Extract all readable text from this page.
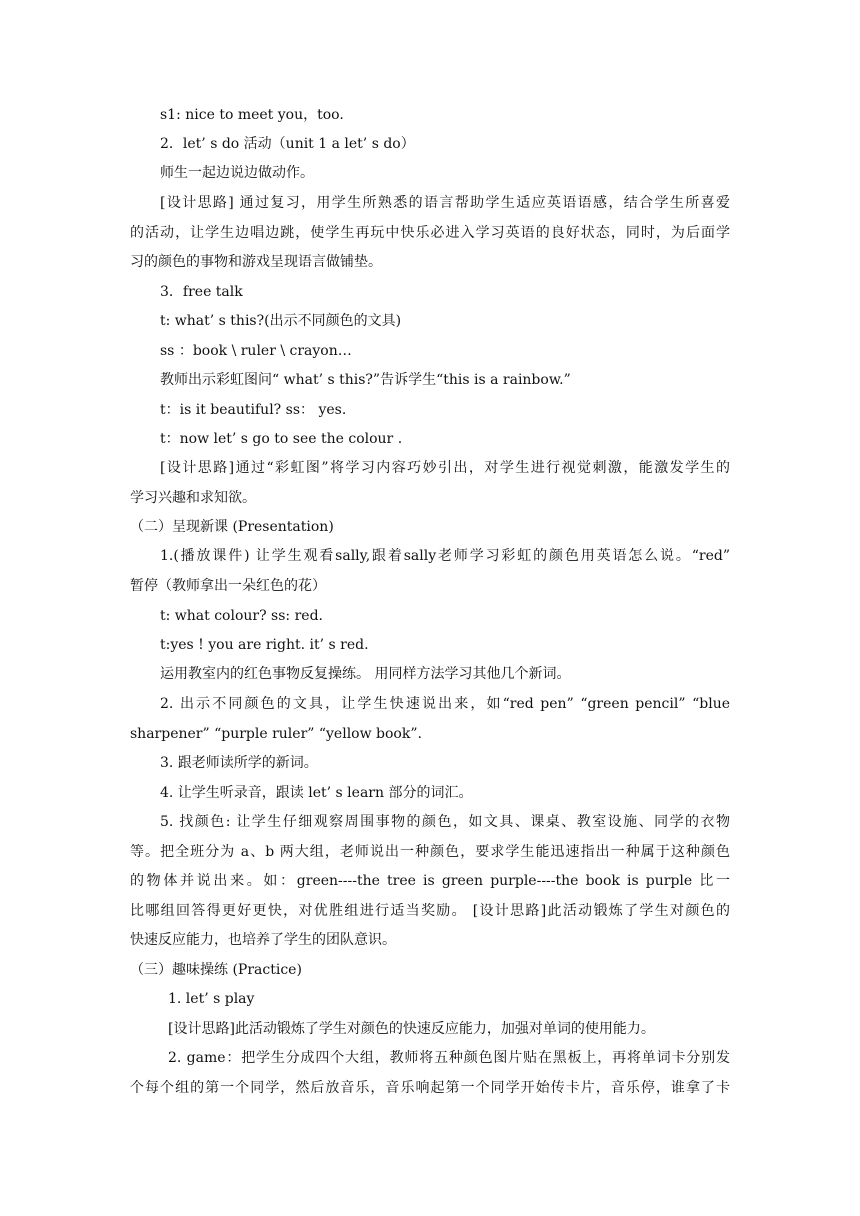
s1: nice to meet you，too.
2．let’ s do 活动（unit 1 a let’ s do）
师生一起边说边做动作。
[设计思路] 通过复习，用学生所熟悉的语言帮助学生适应英语语感，结合学生所喜爱
的活动，让学生边唱边跳，使学生再玩中快乐必进入学习英语的良好状态，同时，为后面学
习的颜色的事物和游戏呈现语言做铺垫。
3．free talk
t: what’ s this?(出示不同颜色的文具)
ss ：book \ ruler \ crayon…
教师出示彩虹图问“ what’ s this?”告诉学生“this is a rainbow.”
t：is it beautiful? ss： yes.
t：now let’ s go to see the colour .
[设计思路]通过“彩虹图”将学习内容巧妙引出，对学生进行视觉刺激，能激发学生的
学习兴趣和求知欲。
（二）呈现新课 (Presentation)
1.(播放课件) 让学生观看sally,跟着sally老师学习彩虹的颜色用英语怎么说。“red”
暂停（教师拿出一朵红色的花）
t: what colour? ss: red.
t:yes ! you are right. it’ s red.
运用教室内的红色事物反复操练。 用同样方法学习其他几个新词。
2. 出示不同颜色的文具，让学生快速说出来，如“red pen” “green pencil” “blue
sharpener” “purple ruler” “yellow book”.
3. 跟老师读所学的新词。
4. 让学生听录音，跟读 let’ s learn 部分的词汇。
5. 找颜色: 让学生仔细观察周围事物的颜色，如文具、课桌、教室设施、同学的衣物
等。把全班分为 a、b 两大组，老师说出一种颜色，要求学生能迅速指出一种属于这种颜色
的物体并说出来。如：green----the tree is green purple----the book is purple 比一
比哪组回答得更好更快，对优胜组进行适当奖励。 [设计思路]此活动锻炼了学生对颜色的
快速反应能力，也培养了学生的团队意识。
（三）趣味操练 (Practice)
1. let’ s play
[设计思路]此活动锻炼了学生对颜色的快速反应能力，加强对单词的使用能力。
2. game：把学生分成四个大组，教师将五种颜色图片贴在黑板上，再将单词卡分别发
个每个组的第一个同学，然后放音乐，音乐响起第一个同学开始传卡片，音乐停，谁拿了卡
